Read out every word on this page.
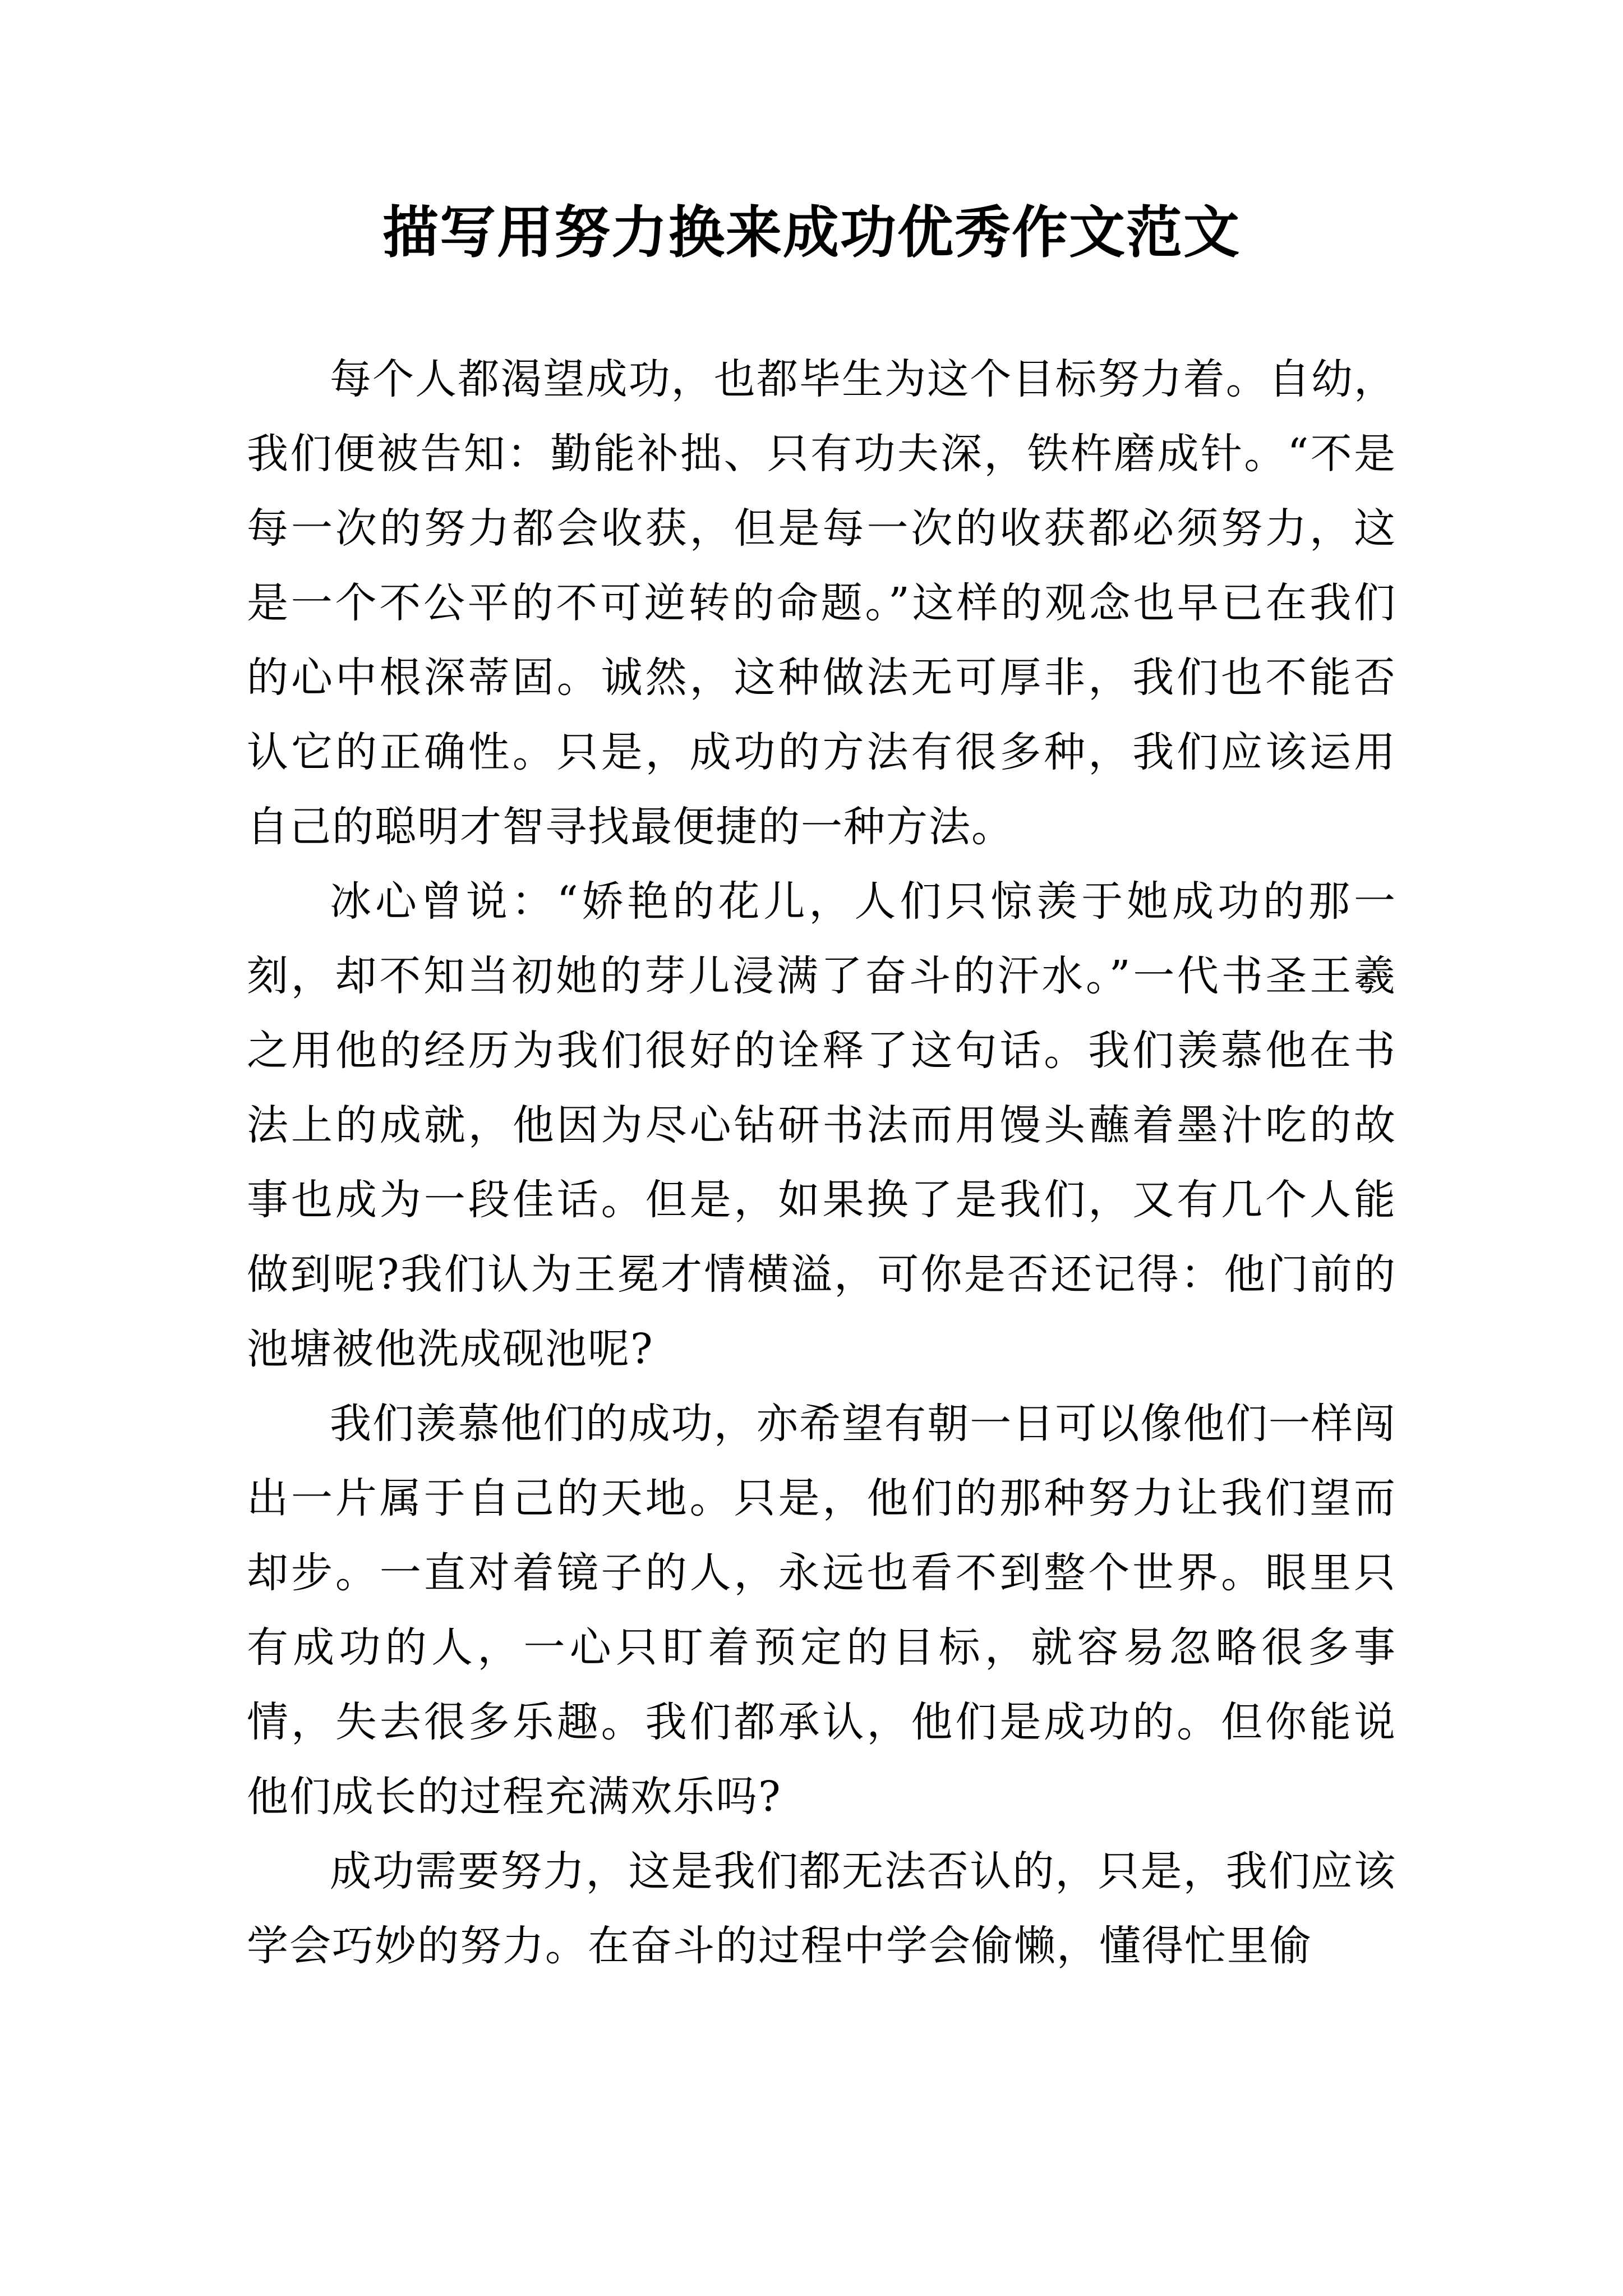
描写用努力换来成功优秀作文范文

每个人都渴望成功，也都毕生为这个目标努力着。自幼，我们便被告知：勤能补拙、只有功夫深，铁杵磨成针。“不是每一次的努力都会收获，但是每一次的收获都必须努力，这是一个不公平的不可逆转的命题。”这样的观念也早已在我们的心中根深蒂固。诚然，这种做法无可厚非，我们也不能否认它的正确性。只是，成功的方法有很多种，我们应该运用自己的聪明才智寻找最便捷的一种方法。

冰心曾说：“娇艳的花儿，人们只惊羡于她成功的那一刻，却不知当初她的芽儿浸满了奋斗的汗水。”一代书圣王羲之用他的经历为我们很好的诠释了这句话。我们羡慕他在书法上的成就，他因为尽心钻研书法而用馒头蘸着墨汁吃的故事也成为一段佳话。但是，如果换了是我们，又有几个人能做到呢?我们认为王冕才情横溢，可你是否还记得：他门前的池塘被他洗成砚池呢?

我们羡慕他们的成功，亦希望有朝一日可以像他们一样闯出一片属于自己的天地。只是，他们的那种努力让我们望而却步。一直对着镜子的人，永远也看不到整个世界。眼里只有成功的人，一心只盯着预定的目标，就容易忽略很多事情，失去很多乐趣。我们都承认，他们是成功的。但你能说他们成长的过程充满欢乐吗?

成功需要努力，这是我们都无法否认的，只是，我们应该学会巧妙的努力。在奋斗的过程中学会偷懒，懂得忙里偷
